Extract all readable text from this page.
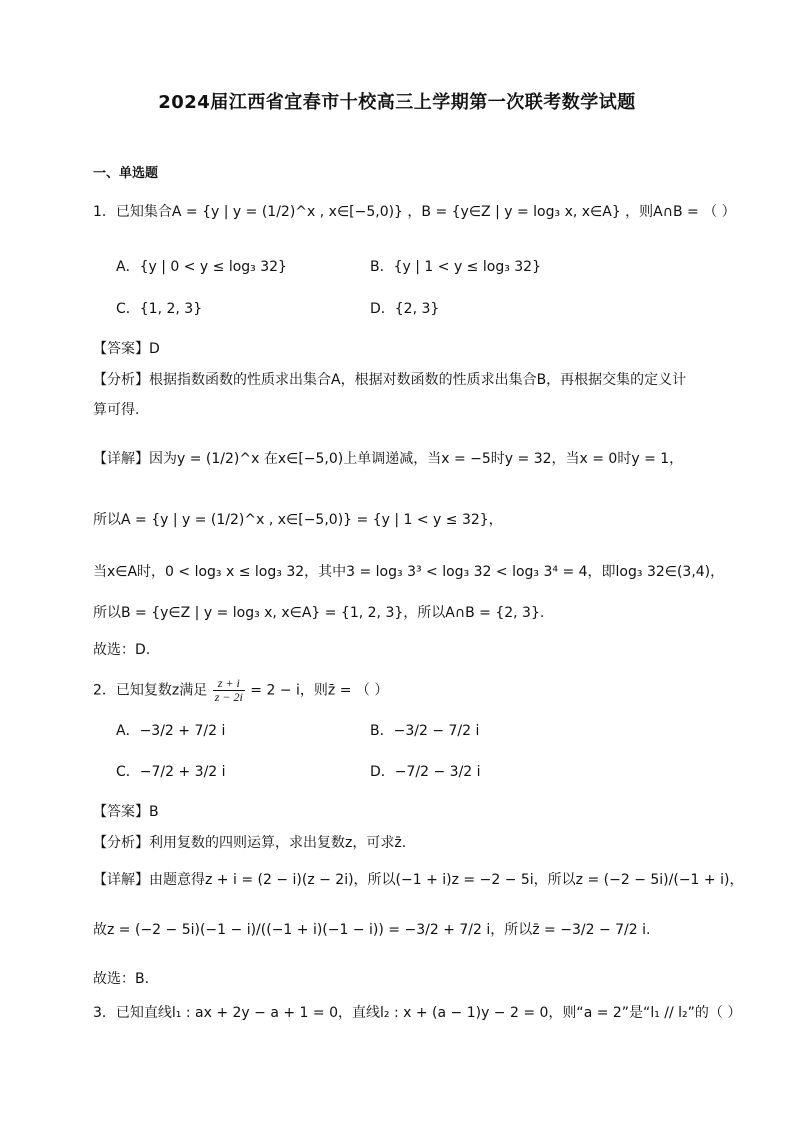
2024届江西省宜春市十校高三上学期第一次联考数学试题
一、单选题
1．已知集合A = {y | y = (1/2)^x , x∈[−5,0)} ，B = {y∈Z | y = log₃ x, x∈A} ，则A∩B = （ ）
A．{y | 0 < y ≤ log₃ 32}	B．{y | 1 < y ≤ log₃ 32}
C．{1, 2, 3}	D．{2, 3}
【答案】D
【分析】根据指数函数的性质求出集合A，根据对数函数的性质求出集合B，再根据交集的定义计
算可得.
【详解】因为y = (1/2)^x 在x∈[−5,0)上单调递减，当x = −5时y = 32，当x = 0时y = 1，
所以A = {y | y = (1/2)^x , x∈[−5,0)} = {y | 1 < y ≤ 32}，
当x∈A时，0 < log₃ x ≤ log₃ 32，其中3 = log₃ 3³ < log₃ 32 < log₃ 3⁴ = 4，即log₃ 32∈(3,4)，
所以B = {y∈Z | y = log₃ x, x∈A} = {1, 2, 3}，所以A∩B = {2, 3}.
故选：D.
2．已知复数z满足 $\frac{z + i}{z - 2i} = 2 - i$，则z̄ = （ ）
A．−3/2 + 7/2 i	B．−3/2 − 7/2 i
C．−7/2 + 3/2 i	D．−7/2 − 3/2 i
【答案】B
【分析】利用复数的四则运算，求出复数z，可求z̄.
【详解】由题意得z + i = (2 − i)(z − 2i)，所以(−1 + i)z = −2 − 5i，所以z = (−2 − 5i)/(−1 + i)，
故z = (−2 − 5i)(−1 − i)/((−1 + i)(−1 − i)) = −3/2 + 7/2 i，所以z̄ = −3/2 − 7/2 i.
故选：B.
3．已知直线l₁ : ax + 2y − a + 1 = 0，直线l₂ : x + (a − 1)y − 2 = 0，则“a = 2”是“l₁ // l₂”的（ ）
